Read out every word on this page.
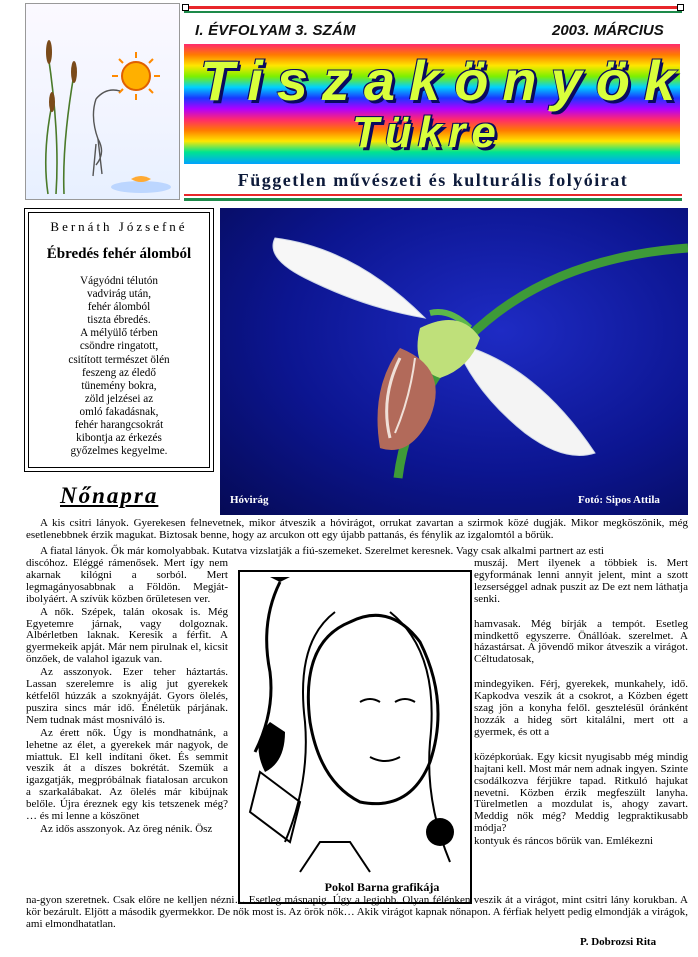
I. ÉVFOLYAM 3. SZÁM	2003. MÁRCIUS
Tiszakönyök
Tükre
Független művészeti és kulturális folyóirat
Bernáth Józsefné
Ébredés fehér álomból
Vágyódni télutón
vadvirág után,
fehér álomból
tiszta ébredés.
A mélyülő térben
csöndre ringatott,
csitított természet ölén
feszeng az éledő
tünemény bokra,
zöld jelzései az
omló fakadásnak,
fehér harangcsokrát
kibontja az érkezés
győzelmes kegyelme.
Hóvirág	Fotó: Sipos Attila
Nőnapra
A kis csitri lányok. Gyerekesen felnevetnek, mikor átveszik a hóvirágot, orrukat zavartan a szirmok közé dugják. Mikor megköszönik, még esetlenebbnek érzik magukat. Biztosak benne, hogy az arcukon ott egy újabb pattanás, és fénylik az izgalomtól a bőrük.
A fiatal lányok. Ők már komolyabbak. Kutatva vizslatják a fiú-szemeket. Szerelmet keresnek. Vagy csak alkalmi partnert az esti
discóhoz. Eléggé rámenősek. Mert így nem akarnak kilógni a sorból. Mert legmagányosabbnak a Földön. Megját-ibolyáért. A szívük közben őrületesen ver.
A nők. Szépek, talán okosak is. Még Egyetemre járnak, vagy dolgoznak. Albérletben laknak. Keresik a férfit. A gyermekeik apját. Már nem pirulnak el, kicsit önzőek, de valahol igazuk van.
Az asszonyok. Ezer teher háztartás. Lassan szerelemre is alig jut gyerekek kétfelől húzzák a szoknyáját. Gyors ölelés, puszira sincs már idő. Énéletük párjának. Nem tudnak mást mosniváló is.
Az érett nők. Úgy is mondhatnánk, a lehetne az élet, a gyerekek már nagyok, de miattuk. El kell indítani őket. És semmit veszik át a díszes bokrétát. Szemük a igazgatják, megpróbálnak fiatalosan arcukon a szarkalábakat. Az ölelés már kibújnak belőle. Újra éreznek egy kis tetszenek még? … és mi lenne a köszönet
Az idős asszonyok. Az öreg nénik. Ösz
muszáj. Mert ilyenek a többiek is. Mert egyformának lenni annyit jelent, mint a szott lezserséggel adnak puszit az De ezt nem láthatja senki.
hamvasak. Még bírják a tempót. Esetleg mindkettő egyszerre. Önállóak. szerelmet. A házastársat. A jövendő mikor átveszik a virágot. Céltudatosak,
mindegyiken. Férj, gyerekek, munkahely, idő. Kapkodva veszik át a csokrot, a Közben égett szag jön a konyha felől. gesztelésül óránként hozzák a hideg sört kitalálni, mert ott a gyermek, és ott a
középkorúak. Egy kicsit nyugisabb még mindig hajtani kell. Most már nem adnak ingyen. Szinte csodálkozva férjükre tapad. Ritkuló hajukat nevetni. Közben érzik megfeszült lanyha. Türelmetlen a mozdulat is, ahogy zavart. Meddig nők még? Meddig legpraktikusabb módja?
kontyuk és ráncos bőrük van. Emlékezni
Pokol Barna grafikája
na-gyon szeretnek. Csak előre ne kelljen nézni… Esetleg másnapig. Úgy a legjobb. Olyan félénken veszik át a virágot, mint csitri lány korukban. A kör bezárult. Eljött a második gyermekkor. De nők most is. Az örök nők… Akik virágot kapnak nőnapon. A férfiak helyett pedig elmondják a virágok, ami elmondhatatlan.
P. Dobrozsi Rita
